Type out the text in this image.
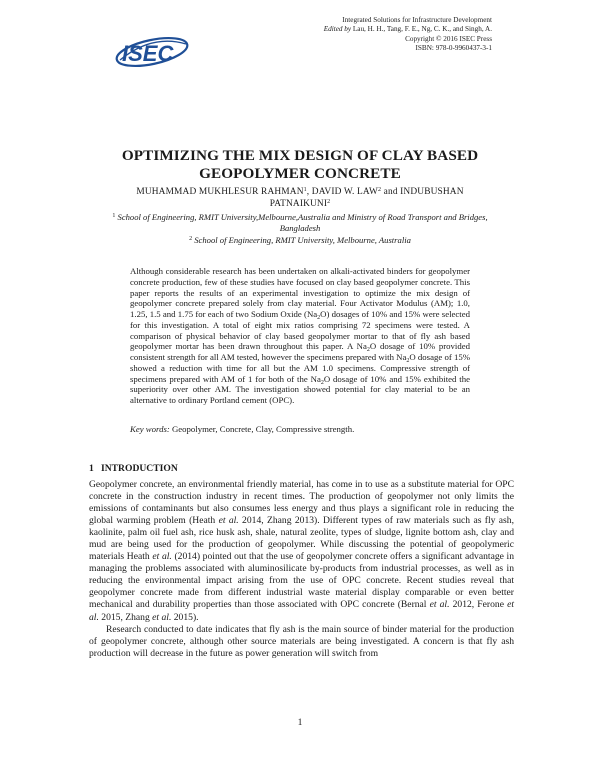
ISEC
Integrated Solutions for Infrastructure Development
Edited by Lau, H. H., Tang, F. E., Ng, C. K., and Singh, A.
Copyright © 2016 ISEC Press
ISBN: 978-0-9960437-3-1
OPTIMIZING THE MIX DESIGN OF CLAY BASED
GEOPOLYMER CONCRETE
MUHAMMAD MUKHLESUR RAHMAN$^1$, DAVID W. LAW$^2$ and INDUBUSHAN PATNAIKUNI$^2$
$^1$ School of Engineering, RMIT University,Melbourne,Australia and Ministry of Road Transport and Bridges, Bangladesh
$^2$ School of Engineering, RMIT University, Melbourne, Australia
Although considerable research has been undertaken on alkali-activated binders for geopolymer concrete production, few of these studies have focused on clay based geopolymer concrete. This paper reports the results of an experimental investigation to optimize the mix design of geopolymer concrete prepared solely from clay material. Four Activator Modulus (AM); 1.0, 1.25, 1.5 and 1.75 for each of two Sodium Oxide $(Na_2O)$ dosages of 10% and 15% were selected for this investigation. A total of eight mix ratios comprising 72 specimens were tested. A comparison of physical behavior of clay based geopolymer mortar to that of fly ash based geopolymer mortar has been drawn throughout this paper. A $Na_2O$ dosage of 10% provided consistent strength for all AM tested, however the specimens prepared with $Na_2O$ dosage of 15% showed a reduction with time for all but the AM 1.0 specimens. Compressive strength of specimens prepared with AM of 1 for both of the $Na_2O$ dosage of 10% and 15% exhibited the superiority over other AM. The investigation showed potential for clay material to be an alternative to ordinary Portland cement (OPC).
Key words: Geopolymer, Concrete, Clay, Compressive strength.
1 INTRODUCTION

Geopolymer concrete, an environmental friendly material, has come in to use as a substitute material for OPC concrete in the construction industry in recent times. The production of geopolymer not only limits the emissions of contaminants but also consumes less energy and thus plays a significant role in reducing the global warming problem (Heath et al. 2014, Zhang 2013). Different types of raw materials such as fly ash, kaolinite, palm oil fuel ash, rice husk ash, shale, natural zeolite, types of sludge, lignite bottom ash, clay and mud are being used for the production of geopolymer. While discussing the potential of geopolymeric materials Heath et al. (2014) pointed out that the use of geopolymer concrete offers a significant advantage in managing the problems associated with aluminosilicate by-products from industrial processes, as well as in reducing the environmental impact arising from the use of OPC concrete. Recent studies reveal that geopolymer concrete made from different industrial waste material display comparable or even better mechanical and durability properties than those associated with OPC concrete (Bernal et al. 2012, Ferone et al. 2015, Zhang et al. 2015).

Research conducted to date indicates that fly ash is the main source of binder material for the production of geopolymer concrete, although other source materials are being investigated. A concern is that fly ash production will decrease in the future as power generation will switch from

1
